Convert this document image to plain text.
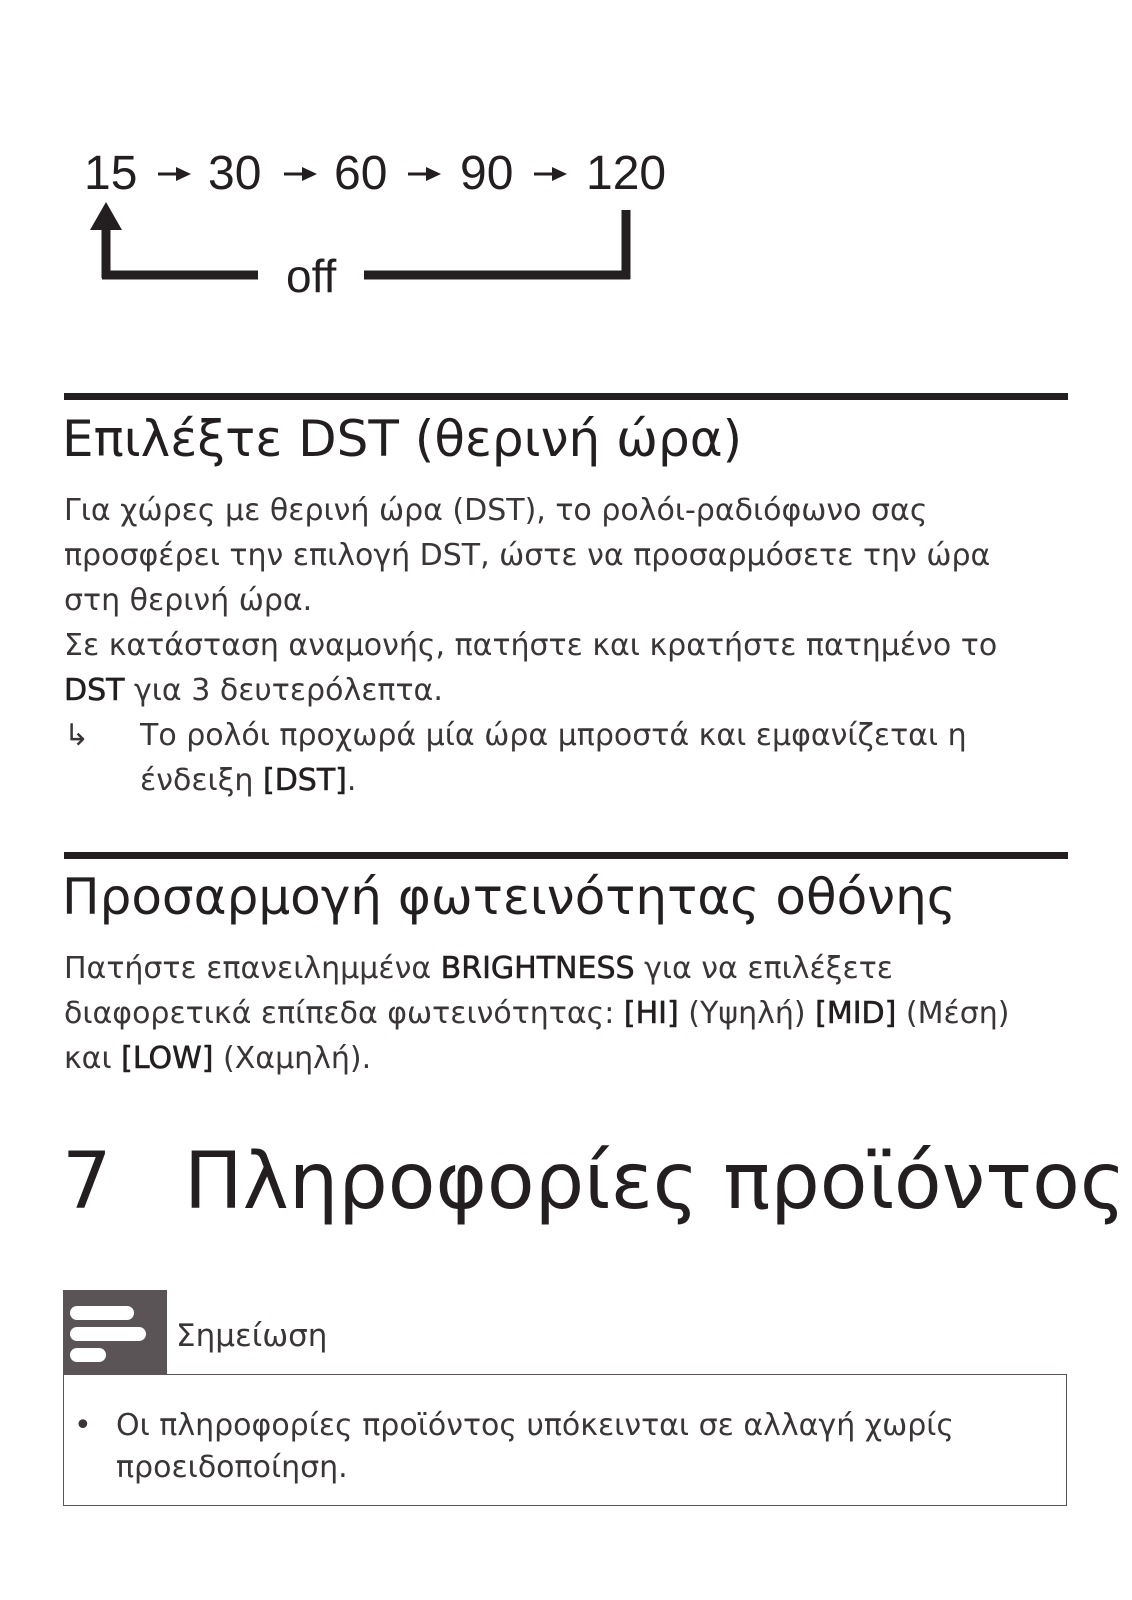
15 30 60 90 120
off
Επιλέξτε DST (θερινή ώρα)

Για χώρες με θερινή ώρα (DST), το ρολόι-ραδιόφωνο σας
προσφέρει την επιλογή DST, ώστε να προσαρμόσετε την ώρα
στη θερινή ώρα.
Σε κατάσταση αναμονής, πατήστε και κρατήστε πατημένο το
DST για 3 δευτερόλεπτα.

↳	Το ρολόι προχωρά μία ώρα μπροστά και εμφανίζεται η
ένδειξη [DST].
Προσαρμογή φωτεινότητας οθόνης

Πατήστε επανειλημμένα BRIGHTNESS για να επιλέξετε
διαφορετικά επίπεδα φωτεινότητας: [HI] (Υψηλή) [MID] (Μέση)
και [LOW] (Χαμηλή).

7 Πληροφορίες προϊόντος
Σημείωση
• Οι πληροφορίες προϊόντος υπόκεινται σε αλλαγή χωρίς
προειδοποίηση.
